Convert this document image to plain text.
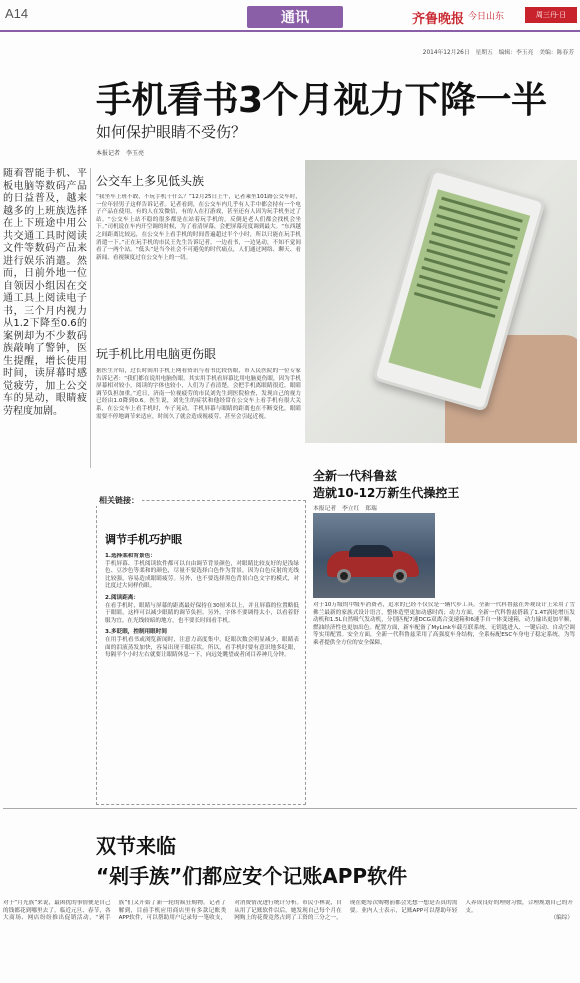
A14	通讯	齐鲁晚报 今日山东	周三丹·日
2014年12月26日　星期五　编辑：李玉亮　美编：陈春芳
手机看书3个月视力下降一半
如何保护眼睛不受伤？
本报记者　李玉亮
随着智能手机、平板电脑等数码产品的日益普及，越来越多的上班族选择在上下班途中用公共交通工具时阅读文件等数码产品来进行娱乐消遣。然而，日前外地一位自领因小组因在交通工具上阅读电子书，三个月内视力从1.2下降至0.6的案例却为不少数码族敲响了警钟，医生提醒，增长使用时间，读屏幕时感觉疲劳，加上公交车的晃动，眼睛疲劳程度加剧。
公交车上多见低头族
“我坐车上班不敢，不玩手机干什么？”12月25日上午，记者乘坐101路公交车时，一位年轻男子这样告诉记者。记者看到，在公交车内几乎有人手中都会持有一个电子产品在使用，有的人在发微信，有的人在打游戏，甚至还有人因为玩手机坐过了站。“公交车上站不稳的很多都是在站着玩手机的，反倒是老人们都会找机会坐下。”司机说在车内开空调的时候，为了看清屏幕，会把屏幕亮度调到最大。“东西越之间距离比较远，在公交车上看手机的时间普遍超过半个小时，所以只能在玩手机消遣一下。”正在玩手机的市民王先生告诉记者。一边看书，一边晃动，不知不觉间看了一两个站。“低头”是当今社会不可避免的时代痛点，人们通过网络、聊天、看新闻、看视频度过在公交车上的一切。
玩手机比用电脑更伤眼
据医生介绍，过长时间用手机上网看资讯与看书比较伤眼，市人民医院的一位专家告诉记者：“我们都在说用电脑伤眼，其实用手机看屏幕比用电脑更伤眼，因为手机屏幕相对较小，阅读的字体也较小，人们为了看清楚，会把手机离眼睛很近，眼睛调节负担加重。”近日，济南一位视疲劳的市民刘先生到医院检查，发现自己的视力已经由1.0降到0.6。医生说，刘先生的症状和他经常在公交车上看手机有很大关系，在公交车上看手机时，车子晃动，手机屏幕与眼睛的距离也在不断变化，眼睛需要不停地调节来适应，时间久了就会造成视疲劳，甚至会引起近视。
相关链接：
调节手机巧护眼
1.选择柔和背景色：
手机屏幕、手机阅读软件都可以自由调节背景颜色，对眼睛比较友好的是浅绿色、豆沙色等柔和的颜色，尽量不要选择白色作为背景，因为白色反射的光线比较强，容易造成眼睛疲劳。另外，也不要选择黑色背景白色文字的模式，对比度过大同样伤眼。
2.阅读距离：
在看手机时，眼睛与屏幕的距离最好保持在30厘米以上，并且屏幕的位置略低于眼睛，这样可以减少眼睛的调节负担。另外，字体不要调得太小，以看着舒服为宜。在光线较暗的地方，也不要长时间看手机。
3.多眨眼，控制用眼时间
在用手机看书或浏览新闻时，注意力高度集中，眨眼次数会明显减少，眼睛表面的泪液蒸发加快，容易出现干眼症状。所以，看手机时要有意识地多眨眼，每隔半个小时左右就要让眼睛休息一下，向远处眺望或者闭目养神几分钟。
全新一代科鲁兹
造就10-12万新生代操控王
本报记者　李立红　郑瑞
对于10万级的中级车消费者，追求的已经不仅仅是一辆代步工具。全新一代科鲁兹在外观设计上采用了雪佛兰最新的家族式设计语言，整体造型更加动感时尚；动力方面，全新一代科鲁兹搭载了1.4T涡轮增压发动机和1.5L自然吸气发动机，分别匹配7速DCG双离合变速箱和6速手自一体变速箱，动力输出更加平顺，燃油经济性也更加出色。配置方面，新车配备了MyLink车载互联系统、无钥匙进入、一键启动、自动空调等实用配置。安全方面，全新一代科鲁兹采用了高强度车身结构，全系标配ESC车身电子稳定系统，为驾乘者提供全方位的安全保障。
双节来临
“剁手族”们都应安个记账APP软件
对于“月光族”来说，最困扰的事情便是自己的钱都花到哪里去了。临近元旦、春节，各大商场、网店纷纷推出促销活动，“剁手族”们又开始了新一轮的疯狂购物。记者了解到，目前手机应用商店里有多款记账类APP软件，可以帮助用户记录每一笔收支，对消费情况进行统计分析。市民小林说，自从用了记账软件以后，她发现自己每个月在网购上的花费竟然占到了工资的三分之一，现在她每次购物前都会先想一想是否真的需要。业内人士表示，记账APP可以帮助年轻人养成良好的理财习惯，合理规划自己的开支。
（编综）
